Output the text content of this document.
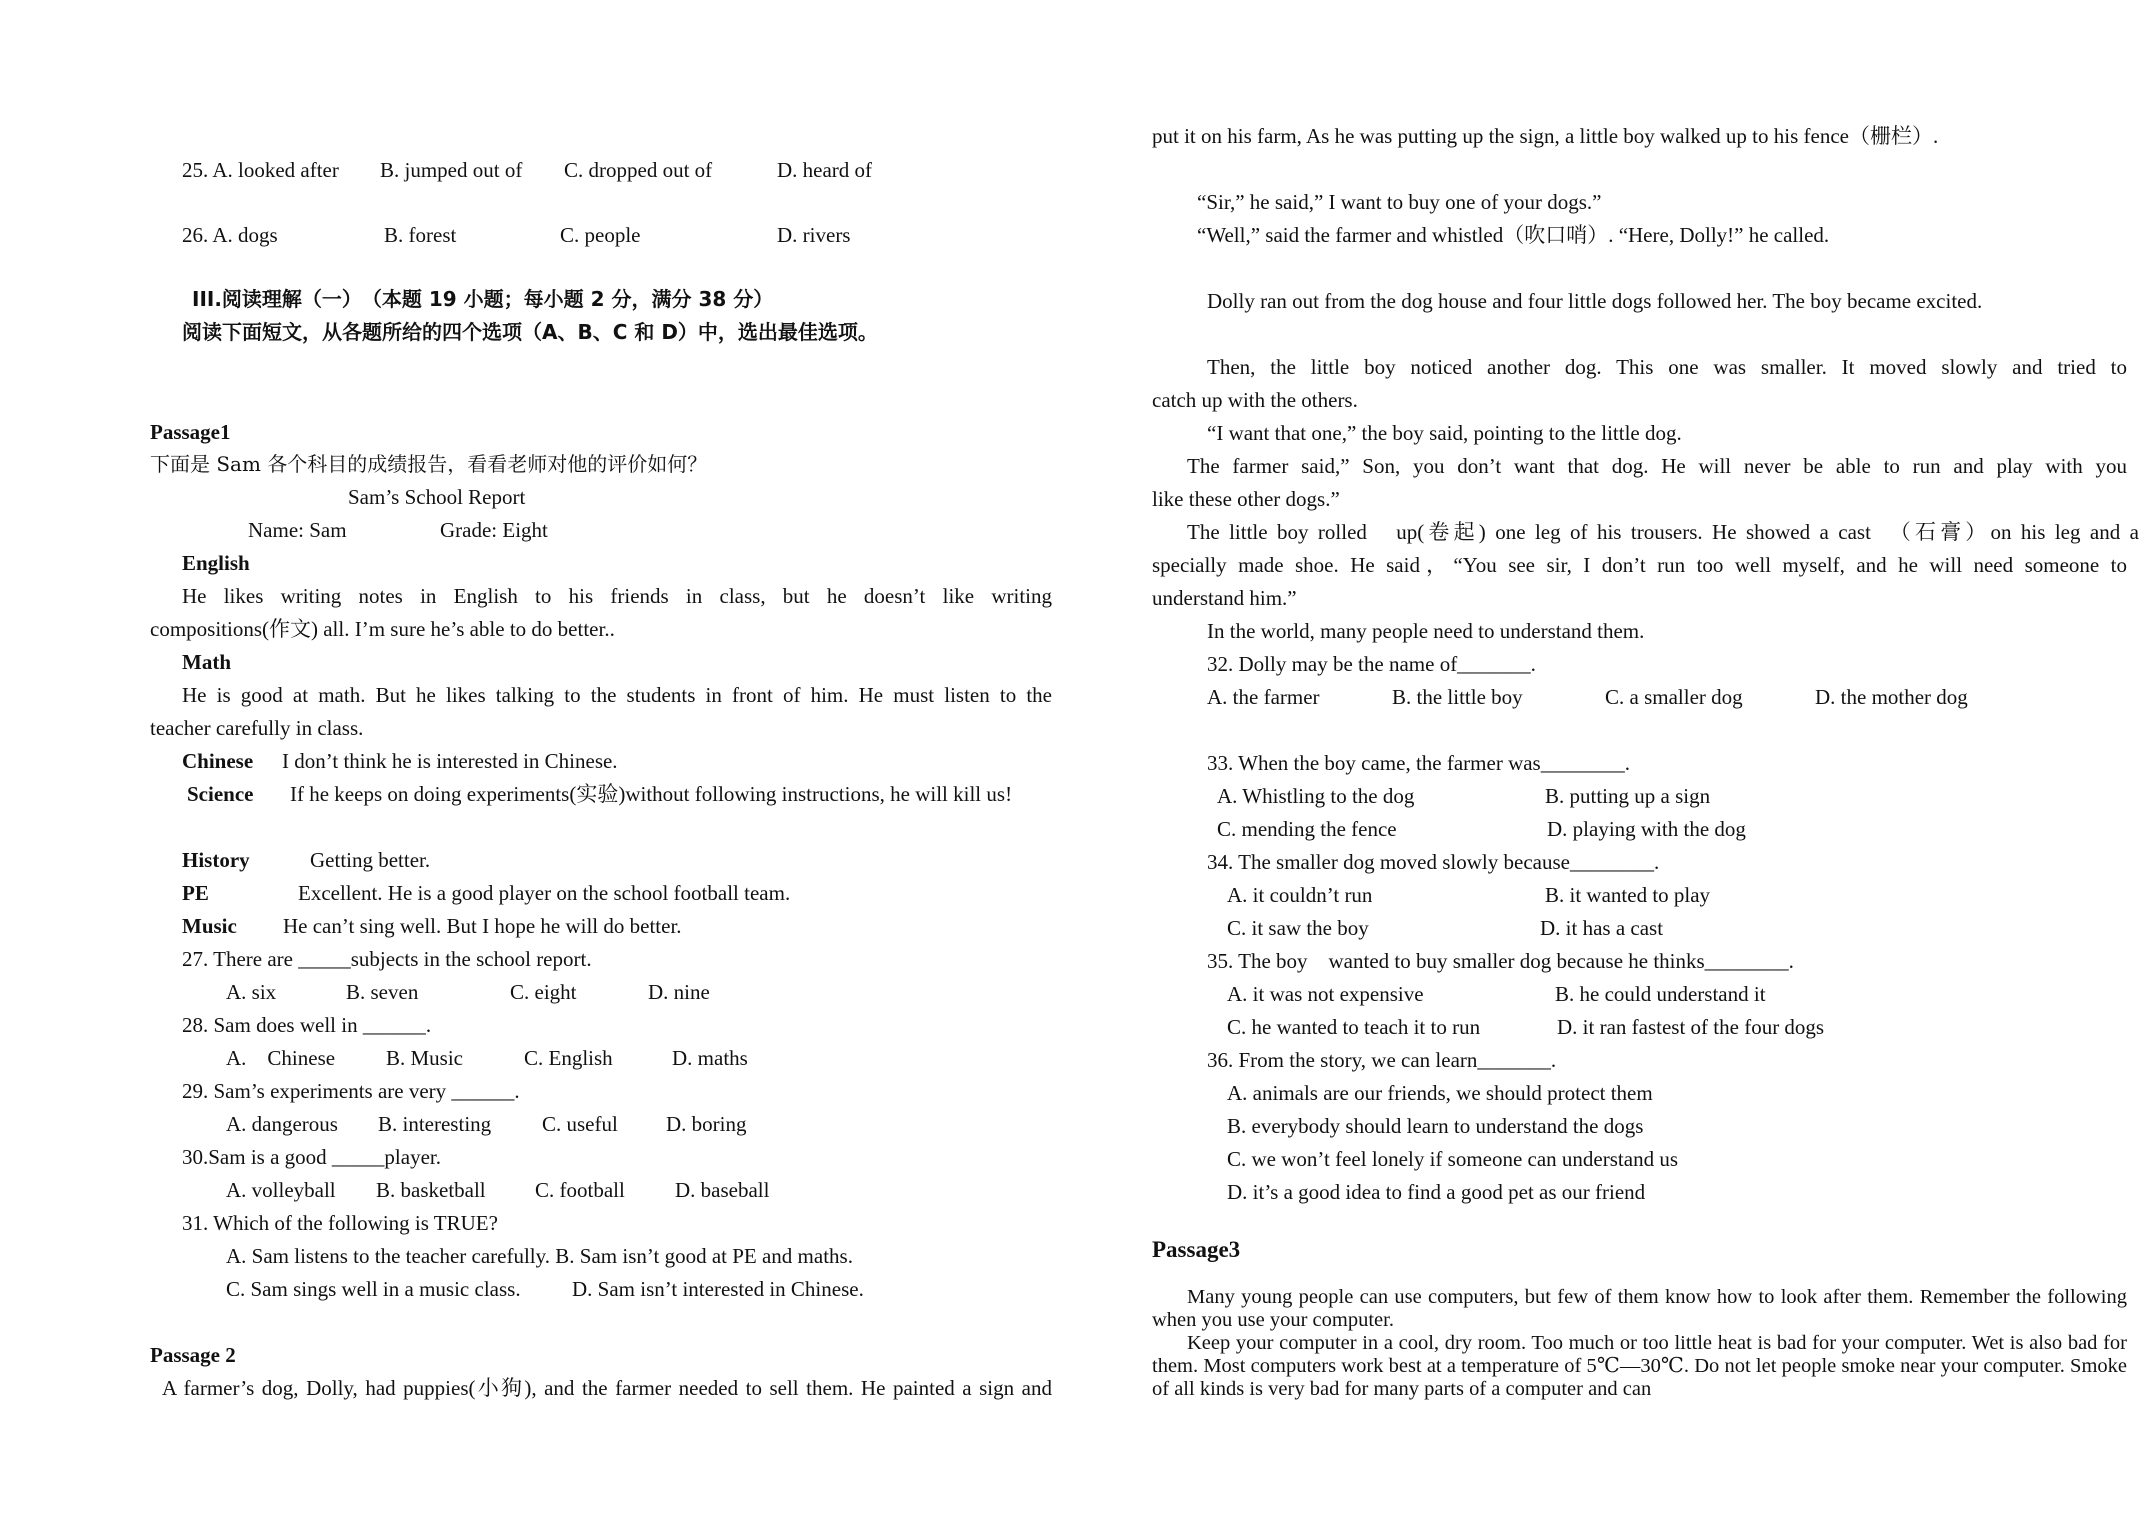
25. A. looked after B. jumped out of C. dropped out of	D. heard of
26. A. dogs	B. forest	C. people	D. rivers
III.阅读理解（一）　（本题 19 小题；每小题 2 分，满分 38 分）
阅读下面短文，从各题所给的四个选项（A、B、C 和 D）中，选出最佳选项。
Passage1
下面是 Sam 各个科目的成绩报告，看看老师对他的评价如何？
Sam’s School Report
Name: Sam	Grade: Eight
English
He likes writing notes in English to his friends in class, but he doesn’t like writing
compositions(作文) all. I’m sure he’s able to do better..
Math
He is good at math. But he likes talking to the students in front of him. He must listen to the
teacher carefully in class.
Chinese I don’t think he is interested in Chinese.
Science If he keeps on doing experiments(实验)without following instructions, he will kill us!
History	Getting better.
PE	Excellent. He is a good player on the school football team.
Music He can’t sing well. But I hope he will do better.
27. There are _____subjects in the school report.
A. six	B. seven	C. eight	D. nine
28. Sam does well in ______.
A.　Chinese B. Music	C. English	D. maths
29. Sam’s experiments are very ______.
A. dangerous B. interesting C. useful D. boring
30.Sam is a good _____player.
A. volleyball B. basketball C. football D. baseball
31. Which of the following is TRUE?
A. Sam listens to the teacher carefully. B. Sam isn’t good at PE and maths.
C. Sam sings well in a music class. D. Sam isn’t interested in Chinese.
Passage 2
A farmer’s dog, Dolly, had puppies(小狗), and the farmer needed to sell them. He painted a sign and
put it on his farm, As he was putting up the sign, a little boy walked up to his fence（栅栏）.
“Sir,” he said,” I want to buy one of your dogs.”
“Well,” said the farmer and whistled（吹口哨）. “Here, Dolly!” he called.
Dolly ran out from the dog house and four little dogs followed her. The boy became excited.
Then, the little boy noticed another dog. This one was smaller. It moved slowly and tried to
catch up with the others.
“I want that one,” the boy said, pointing to the little dog.
The farmer said,” Son, you don’t want that dog. He will never be able to run and play with you
like these other dogs.”
The little boy rolled　up(卷起) one leg of his trousers. He showed a cast　（石膏）on his leg and a
specially made shoe. He said，“You see sir, I don’t run too well myself, and he will need someone to
understand him.”
In the world, many people need to understand them.
32. Dolly may be the name of_______.
A. the farmer	B. the little boy	C. a smaller dog	D. the mother dog
33. When the boy came, the farmer was________.
A. Whistling to the dog	B. putting up a sign
C. mending the fence	D. playing with the dog
34. The smaller dog moved slowly because________.
A. it couldn’t run	B. it wanted to play
C. it saw the boy	D. it has a cast
35. The boy　wanted to buy smaller dog because he thinks________.
A. it was not expensive	B. he could understand it
C. he wanted to teach it to run	D. it ran fastest of the four dogs
36. From the story, we can learn_______.
A. animals are our friends, we should protect them
B. everybody should learn to understand the dogs
C. we won’t feel lonely if someone can understand us
D. it’s a good idea to find a good pet as our friend
Passage3
Many young people can use computers, but few of them know how to look after them. Remember the following when you use your computer.
Keep your computer in a cool, dry room. Too much or too little heat is bad for your computer. Wet is also bad for them. Most computers work best at a temperature of 5℃—30℃. Do not let people smoke near your computer. Smoke of all kinds is very bad for many parts of a computer and can
